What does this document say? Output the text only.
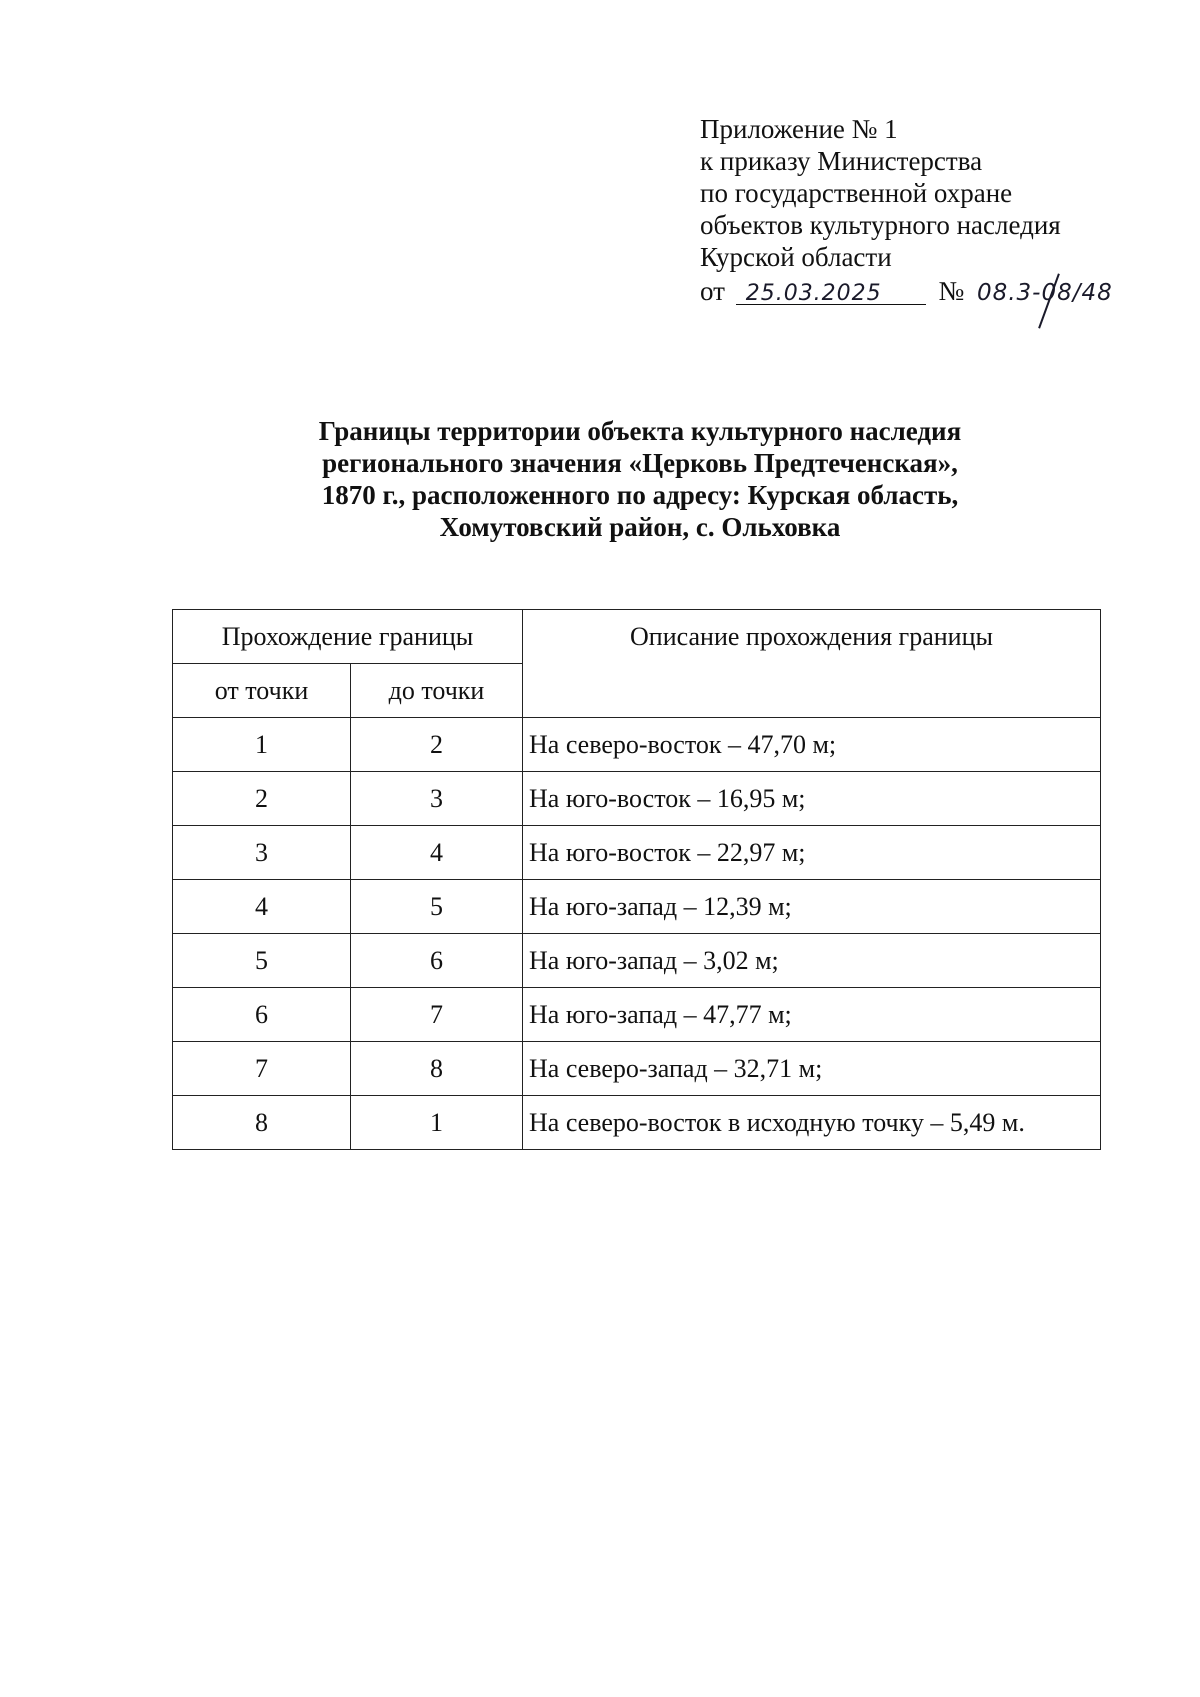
Приложение № 1
к приказу Министерства
по государственной охране
объектов культурного наследия
Курской области
от 25.03.2025 № 08.3-08/48
Границы территории объекта культурного наследия
регионального значения «Церковь Предтеченская»,
1870 г., расположенного по адресу: Курская область,
Хомутовский район, с. Ольховка
Прохождение границы		Описание прохождения границы
от точки	до точки	
1	2	На северо-восток – 47,70 м;
2	3	На юго-восток – 16,95 м;
3	4	На юго-восток – 22,97 м;
4	5	На юго-запад – 12,39 м;
5	6	На юго-запад – 3,02 м;
6	7	На юго-запад – 47,77 м;
7	8	На северо-запад – 32,71 м;
8	1	На северо-восток в исходную точку – 5,49 м.
